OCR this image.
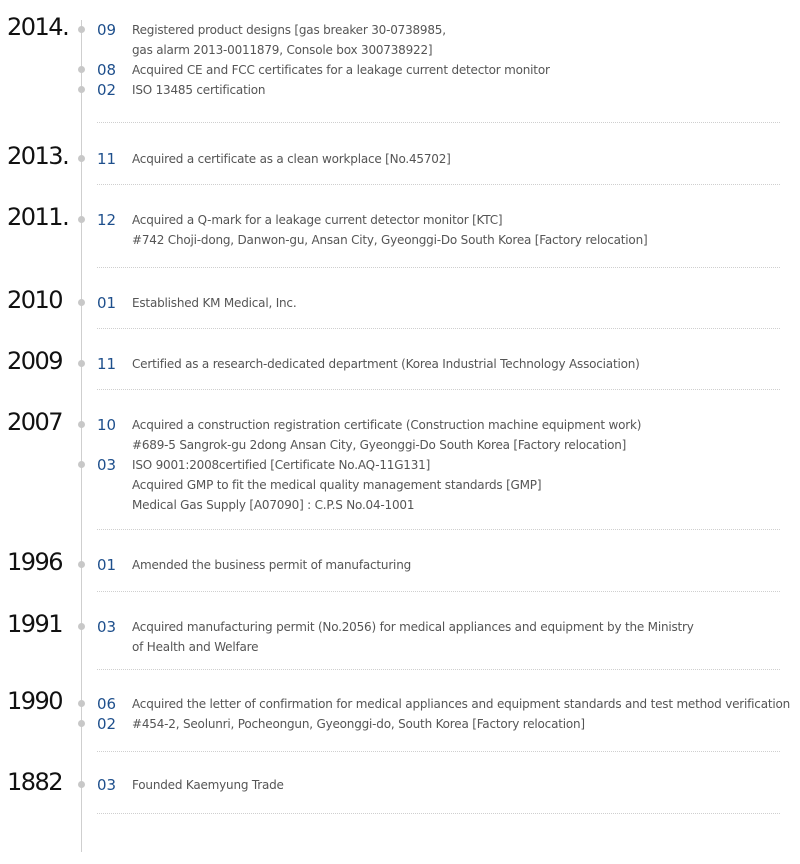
2014. 09 Registered product designs [gas breaker 30-0738985,
gas alarm 2013-0011879, Console box 300738922]
08 Acquired CE and FCC certificates for a leakage current detector monitor
02 ISO 13485 certification
2013. 11 Acquired a certificate as a clean workplace [No.45702]
2011. 12 Acquired a Q-mark for a leakage current detector monitor [KTC]
#742 Choji-dong, Danwon-gu, Ansan City, Gyeonggi-Do South Korea [Factory relocation]
2010 01 Established KM Medical, Inc.
2009 11 Certified as a research-dedicated department (Korea Industrial Technology Association)
2007 10 Acquired a construction registration certificate (Construction machine equipment work)
#689-5 Sangrok-gu 2dong Ansan City, Gyeonggi-Do South Korea [Factory relocation]
03 ISO 9001:2008certified [Certificate No.AQ-11G131]
Acquired GMP to fit the medical quality management standards [GMP]
Medical Gas Supply [A07090] : C.P.S No.04-1001
1996 01 Amended the business permit of manufacturing
1991 03 Acquired manufacturing permit (No.2056) for medical appliances and equipment by the Ministry
of Health and Welfare
1990 06 Acquired the letter of confirmation for medical appliances and equipment standards and test method verification
02 #454-2, Seolunri, Pocheongun, Gyeonggi-do, South Korea [Factory relocation]
1882 03 Founded Kaemyung Trade
